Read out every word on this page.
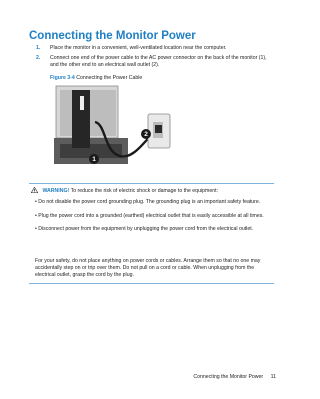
Connecting the Monitor Power
1.	Place the monitor in a convenient, well-ventilated location near the computer.
2.	Connect one end of the power cable to the AC power connector on the back of the monitor (1), and the other end to an electrical wall outlet (2).
Figure 3-4 Connecting the Power Cable
1
2
WARNING! To reduce the risk of electric shock or damage to the equipment:
• Do not disable the power cord grounding plug. The grounding plug is an important safety feature.
• Plug the power cord into a grounded (earthed) electrical outlet that is easily accessible at all times.
• Disconnect power from the equipment by unplugging the power cord from the electrical outlet.

For your safety, do not place anything on power cords or cables. Arrange them so that no one may accidentally step on or trip over them. Do not pull on a cord or cable. When unplugging from the electrical outlet, grasp the cord by the plug.

Connecting the Monitor Power 11
